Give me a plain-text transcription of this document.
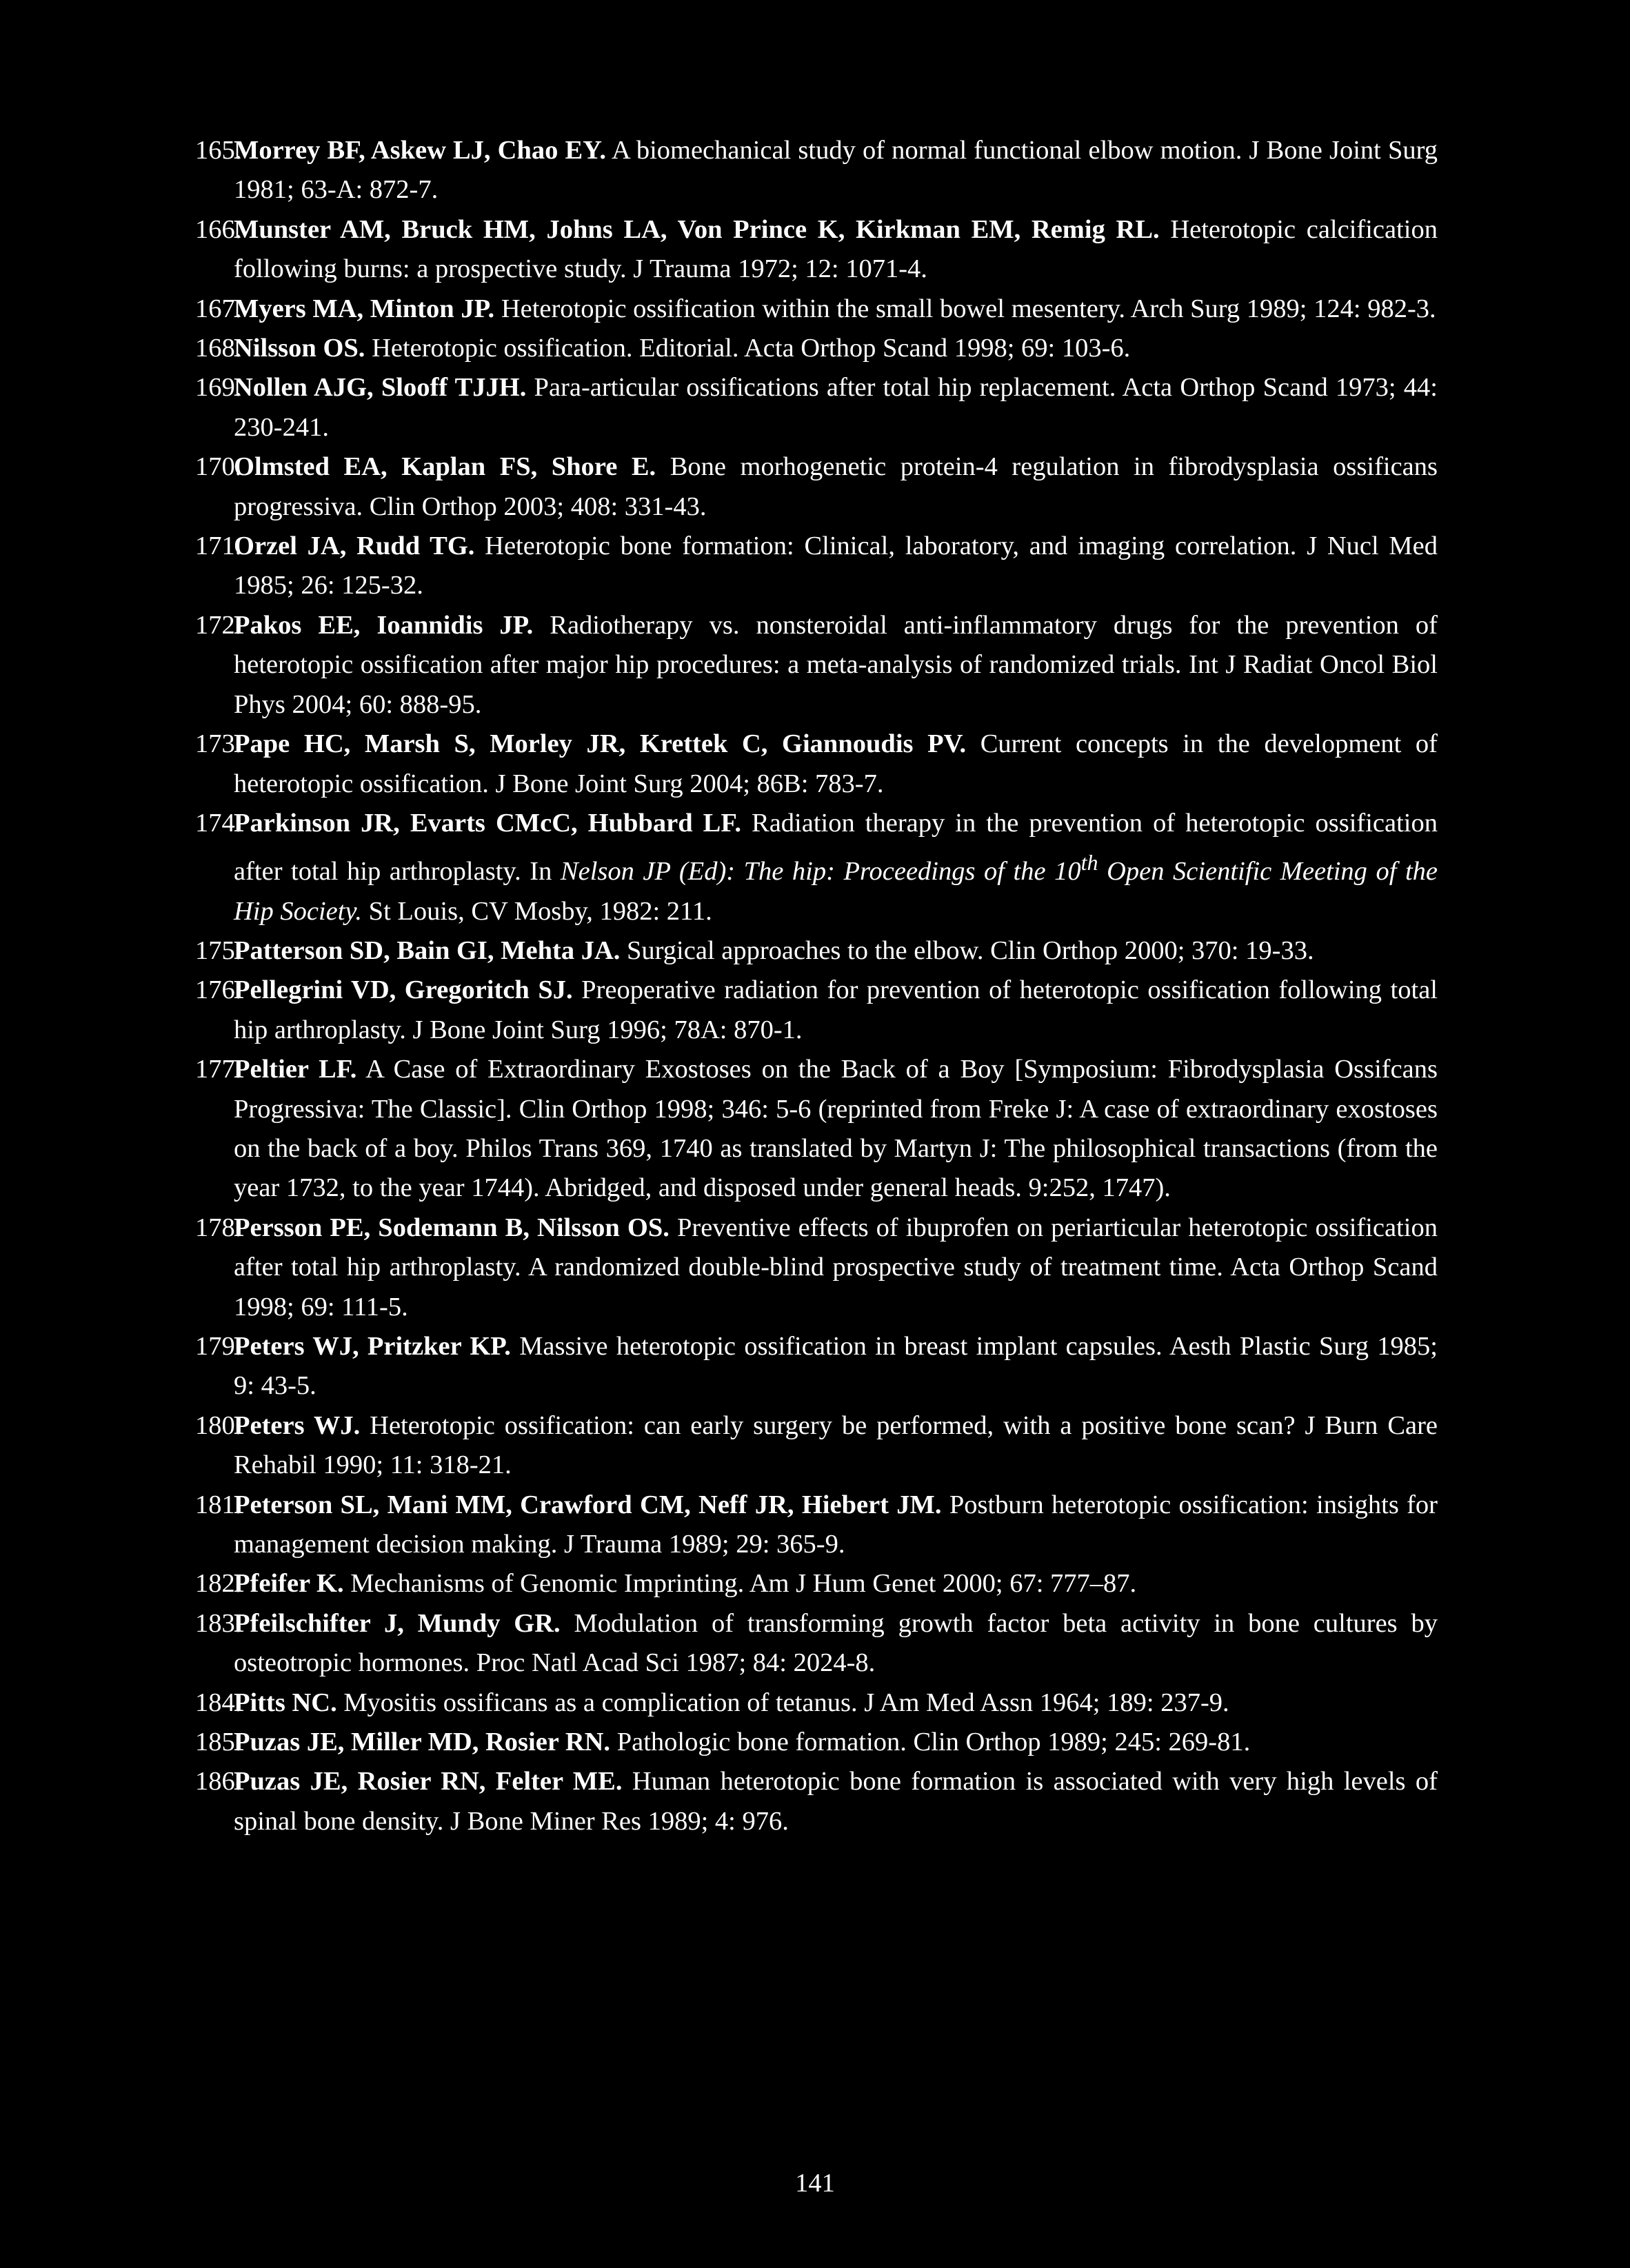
165.
Morrey BF, Askew LJ, Chao EY. A biomechanical study of normal functional elbow motion. J Bone Joint Surg 1981; 63-A: 872-7.
166.
Munster AM, Bruck HM, Johns LA, Von Prince K, Kirkman EM, Remig RL. Heterotopic calcification following burns: a prospective study. J Trauma 1972; 12: 1071-4.
167.
Myers MA, Minton JP. Heterotopic ossification within the small bowel mesentery. Arch Surg 1989; 124: 982-3.
168.
Nilsson OS. Heterotopic ossification. Editorial. Acta Orthop Scand 1998; 69: 103-6.
169.
Nollen AJG, Slooff TJJH. Para-articular ossifications after total hip replacement. Acta Orthop Scand 1973; 44: 230-241.
170.
Olmsted EA, Kaplan FS, Shore E. Bone morhogenetic protein-4 regulation in fibrodysplasia ossificans progressiva. Clin Orthop 2003; 408: 331-43.
171.
Orzel JA, Rudd TG. Heterotopic bone formation: Clinical, laboratory, and imaging correlation. J Nucl Med 1985; 26: 125-32.
172.
Pakos EE, Ioannidis JP. Radiotherapy vs. nonsteroidal anti-inflammatory drugs for the prevention of heterotopic ossification after major hip procedures: a meta-analysis of randomized trials. Int J Radiat Oncol Biol Phys 2004; 60: 888-95.
173.
Pape HC, Marsh S, Morley JR, Krettek C, Giannoudis PV. Current concepts in the development of heterotopic ossification. J Bone Joint Surg 2004; 86B: 783-7.
174.
Parkinson JR, Evarts CMcC, Hubbard LF. Radiation therapy in the prevention of heterotopic ossification after total hip arthroplasty. In Nelson JP (Ed): The hip: Proceedings of the 10th Open Scientific Meeting of the Hip Society. St Louis, CV Mosby, 1982: 211.
175.
Patterson SD, Bain GI, Mehta JA. Surgical approaches to the elbow. Clin Orthop 2000; 370: 19-33.
176.
Pellegrini VD, Gregoritch SJ. Preoperative radiation for prevention of heterotopic ossification following total hip arthroplasty. J Bone Joint Surg 1996; 78A: 870-1.
177.
Peltier LF. A Case of Extraordinary Exostoses on the Back of a Boy [Symposium: Fibrodysplasia Ossifcans Progressiva: The Classic]. Clin Orthop 1998; 346: 5-6 (reprinted from Freke J: A case of extraordinary exostoses on the back of a boy. Philos Trans 369, 1740 as translated by Martyn J: The philosophical transactions (from the year 1732, to the year 1744). Abridged, and disposed under general heads. 9:252, 1747).
178.
Persson PE, Sodemann B, Nilsson OS. Preventive effects of ibuprofen on periarticular heterotopic ossification after total hip arthroplasty. A randomized double-blind prospective study of treatment time. Acta Orthop Scand 1998; 69: 111-5.
179.
Peters WJ, Pritzker KP. Massive heterotopic ossification in breast implant capsules. Aesth Plastic Surg 1985; 9: 43-5.
180.
Peters WJ. Heterotopic ossification: can early surgery be performed, with a positive bone scan? J Burn Care Rehabil 1990; 11: 318-21.
181.
Peterson SL, Mani MM, Crawford CM, Neff JR, Hiebert JM. Postburn heterotopic ossification: insights for management decision making. J Trauma 1989; 29: 365-9.
182.
Pfeifer K. Mechanisms of Genomic Imprinting. Am J Hum Genet 2000; 67: 777–87.
183.
Pfeilschifter J, Mundy GR. Modulation of transforming growth factor beta activity in bone cultures by osteotropic hormones. Proc Natl Acad Sci 1987; 84: 2024-8.
184.
Pitts NC. Myositis ossificans as a complication of tetanus. J Am Med Assn 1964; 189: 237-9.
185.
Puzas JE, Miller MD, Rosier RN. Pathologic bone formation. Clin Orthop 1989; 245: 269-81.
186.
Puzas JE, Rosier RN, Felter ME. Human heterotopic bone formation is associated with very high levels of spinal bone density. J Bone Miner Res 1989; 4: 976.
141
